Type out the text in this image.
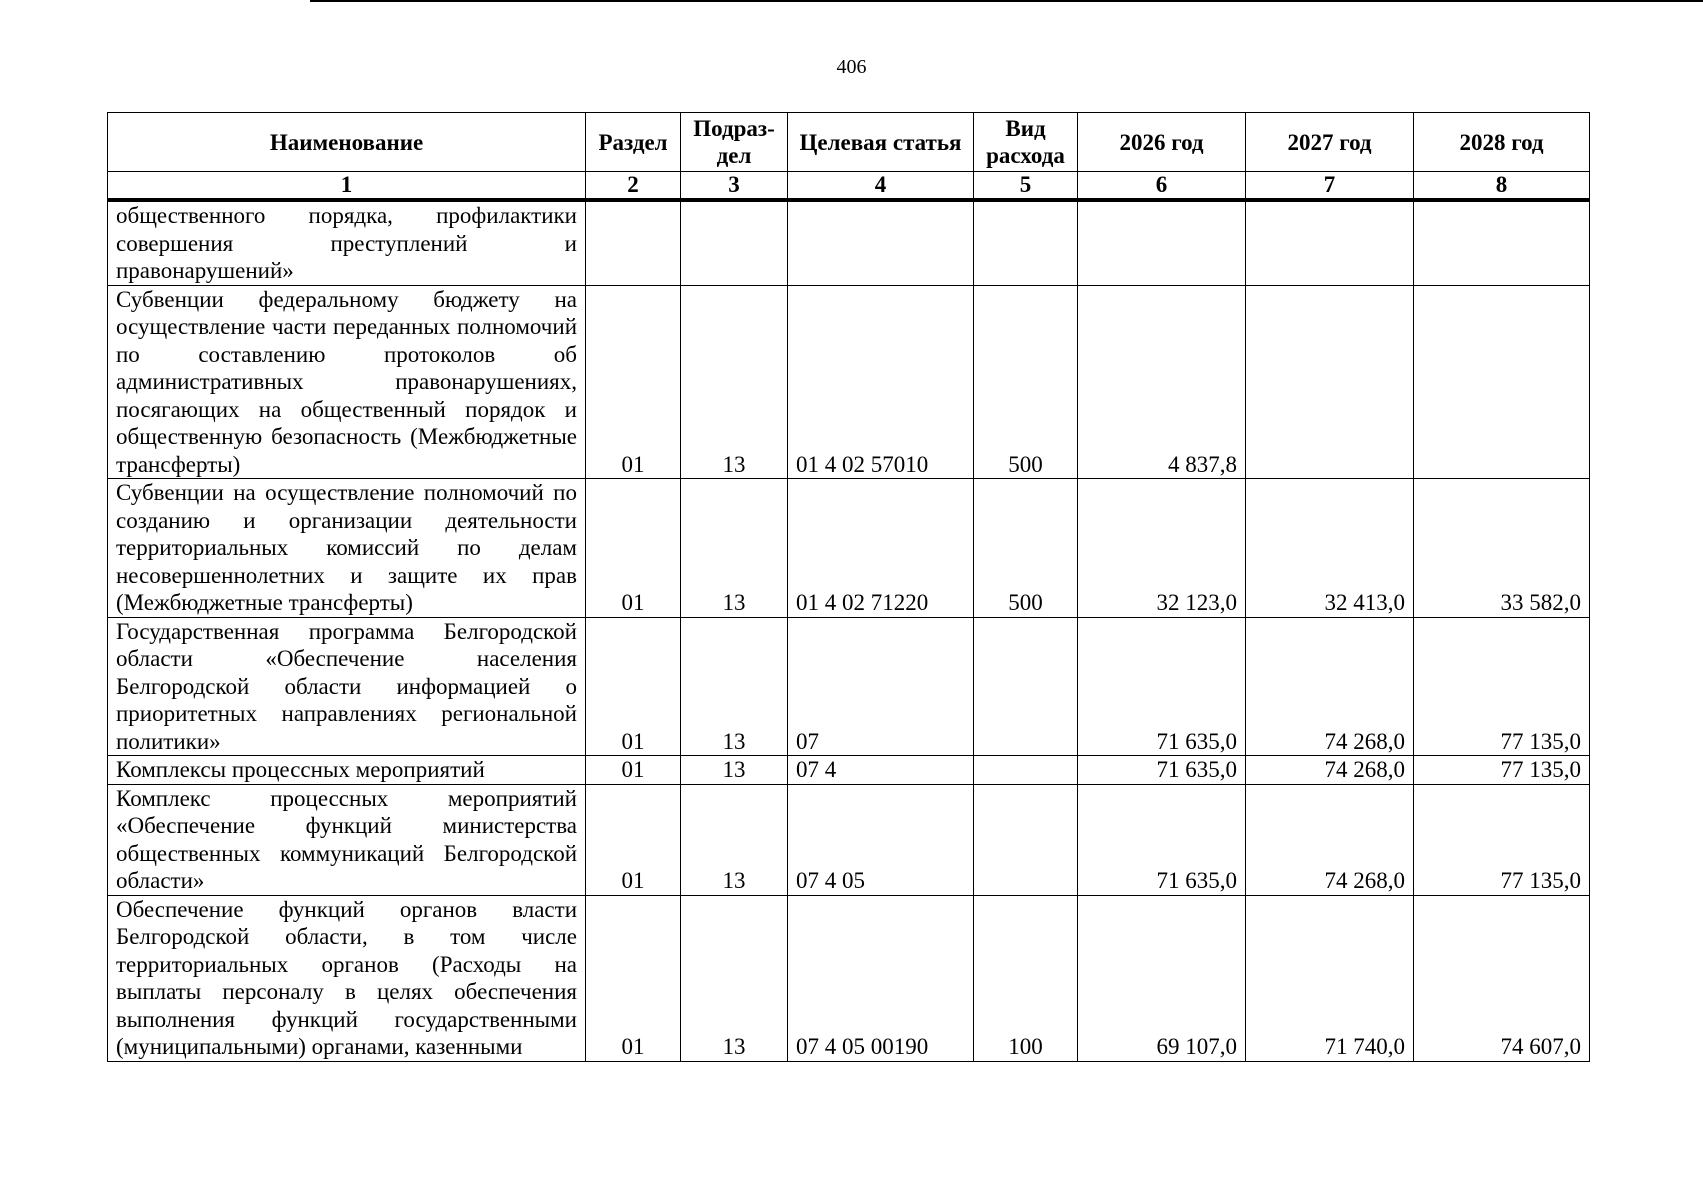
406
Наименование	Раздел	Подраз-дел	Целевая статья	Вид расхода	2026 год	2027 год	2028 год
1	2	3	4	5	6	7	8
общественного порядка, профилактики совершения преступлений и правонарушений»							
Субвенции федеральному бюджету на осуществление части переданных полномочий по составлению протоколов об административных правонарушениях, посягающих на общественный порядок и общественную безопасность (Межбюджетные трансферты)	01	13	01 4 02 57010	500	4 837,8		
Субвенции на осуществление полномочий по созданию и организации деятельности территориальных комиссий по делам несовершеннолетних и защите их прав (Межбюджетные трансферты)	01	13	01 4 02 71220	500	32 123,0	32 413,0	33 582,0
Государственная программа Белгородской области «Обеспечение населения Белгородской области информацией о приоритетных направлениях региональной политики»	01	13	07		71 635,0	74 268,0	77 135,0
Комплексы процессных мероприятий	01	13	07 4		71 635,0	74 268,0	77 135,0
Комплекс процессных мероприятий «Обеспечение функций министерства общественных коммуникаций Белгородской области»	01	13	07 4 05		71 635,0	74 268,0	77 135,0
Обеспечение функций органов власти Белгородской области, в том числе территориальных органов (Расходы на выплаты персоналу в целях обеспечения выполнения функций государственными (муниципальными) органами, казенными	01	13	07 4 05 00190	100	69 107,0	71 740,0	74 607,0
